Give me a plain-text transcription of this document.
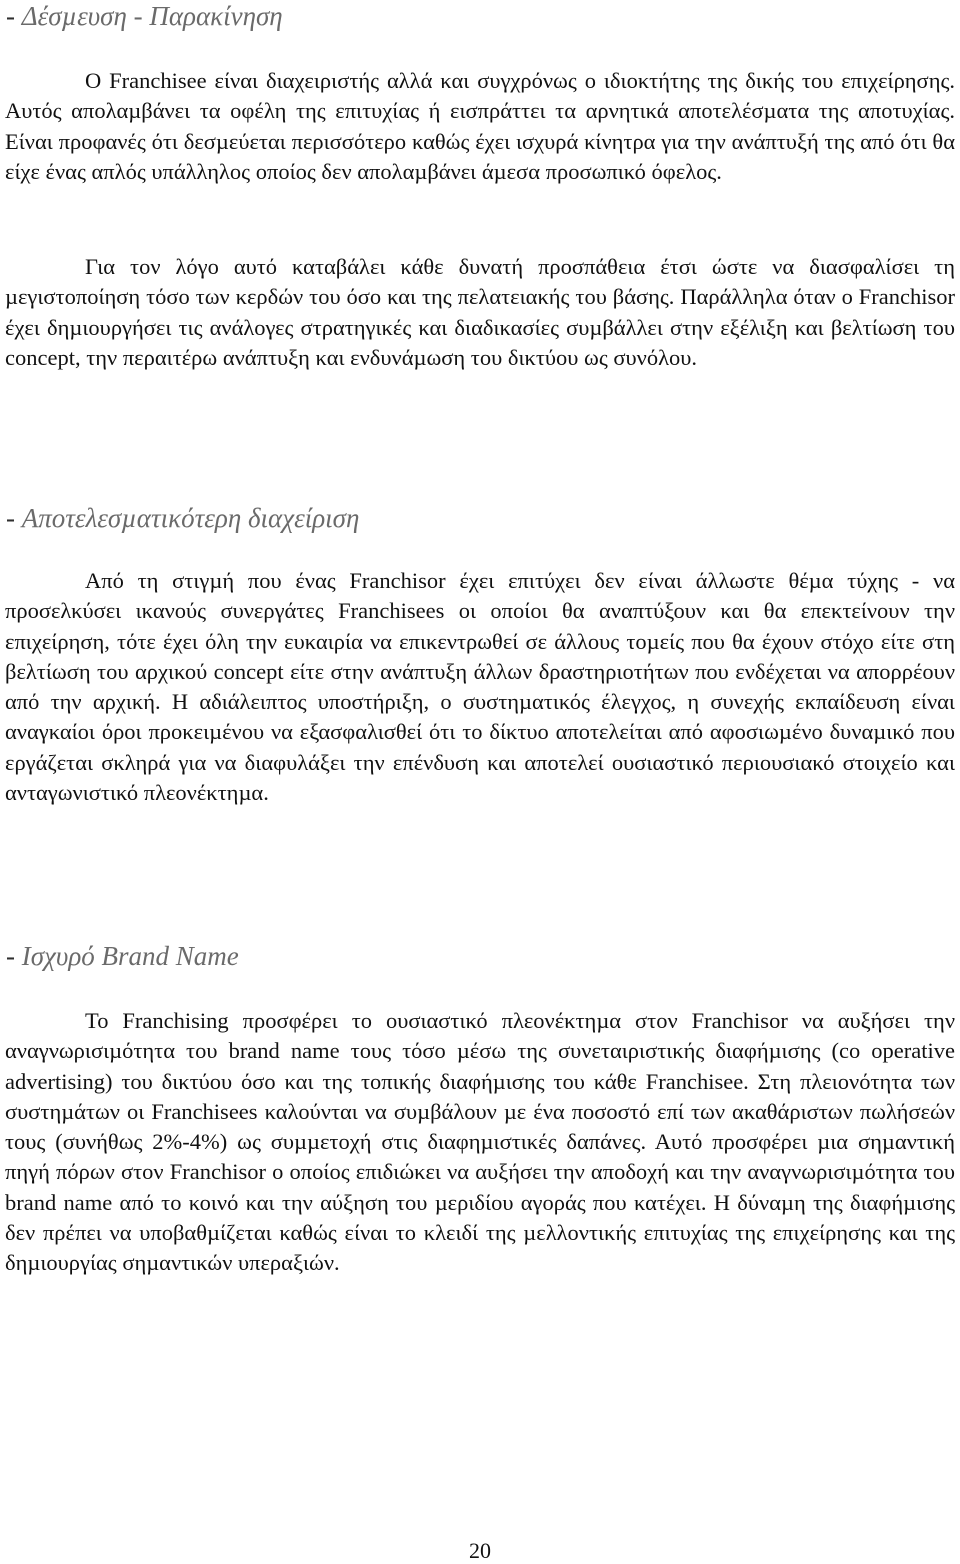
- Δέσµευση - Παρακίνηση

Ο Franchisee είναι διαχειριστής αλλά και συγχρόνως ο ιδιοκτήτης της δικής του επιχείρησης. Αυτός απολαµβάνει τα οφέλη της επιτυχίας ή εισπράττει τα αρνητικά αποτελέσµατα της αποτυχίας. Είναι προφανές ότι δεσµεύεται περισσότερο καθώς έχει ισχυρά κίνητρα για την ανάπτυξή της από ότι θα είχε ένας απλός υπάλληλος οποίος δεν απολαµβάνει άµεσα προσωπικό όφελος.

Για τον λόγο αυτό καταβάλει κάθε δυνατή προσπάθεια έτσι ώστε να διασφαλίσει τη µεγιστοποίηση τόσο των κερδών του όσο και της πελατειακής του βάσης. Παράλληλα όταν ο Franchisor έχει δηµιουργήσει τις ανάλογες στρατηγικές και διαδικασίες συµβάλλει στην εξέλιξη και βελτίωση του concept, την περαιτέρω ανάπτυξη και ενδυνάµωση του δικτύου ως συνόλου.

- Αποτελεσµατικότερη διαχείριση

Από τη στιγµή που ένας Franchisor έχει επιτύχει δεν είναι άλλωστε θέµα τύχης - να προσελκύσει ικανούς συνεργάτες Franchisees οι οποίοι θα αναπτύξουν και θα επεκτείνουν την επιχείρηση, τότε έχει όλη την ευκαιρία να επικεντρωθεί σε άλλους τοµείς που θα έχουν στόχο είτε στη βελτίωση του αρχικού concept είτε στην ανάπτυξη άλλων δραστηριοτήτων που ενδέχεται να απορρέουν από την αρχική. Η αδιάλειπτος υποστήριξη, ο συστηµατικός έλεγχος, η συνεχής εκπαίδευση είναι αναγκαίοι όροι προκειµένου να εξασφαλισθεί ότι το δίκτυο αποτελείται από αφοσιωµένο δυναµικό που εργάζεται σκληρά για να διαφυλάξει την επένδυση και αποτελεί ουσιαστικό περιουσιακό στοιχείο και ανταγωνιστικό πλεονέκτηµα.

- Ισχυρό Brand Name

Το Franchising προσφέρει το ουσιαστικό πλεονέκτηµα στον Franchisor να αυξήσει την αναγνωρισιµότητα του brand name τους τόσο µέσω της συνεταιριστικής διαφήµισης (co operative advertising) του δικτύου όσο και της τοπικής διαφήµισης του κάθε Franchisee. Στη πλειονότητα των συστηµάτων οι Franchisees καλούνται να συµβάλουν µε ένα ποσοστό επί των ακαθάριστων πωλήσεών τους (συνήθως 2%-4%) ως συµµετοχή στις διαφηµιστικές δαπάνες. Αυτό προσφέρει µια σηµαντική πηγή πόρων στον Franchisor ο οποίος επιδιώκει να αυξήσει την αποδοχή και την αναγνωρισιµότητα του brand name από το κοινό και την αύξηση του µεριδίου αγοράς που κατέχει. Η δύναµη της διαφήµισης δεν πρέπει να υποβαθµίζεται καθώς είναι το κλειδί της µελλοντικής επιτυχίας της επιχείρησης και της δηµιουργίας σηµαντικών υπεραξιών.

20
